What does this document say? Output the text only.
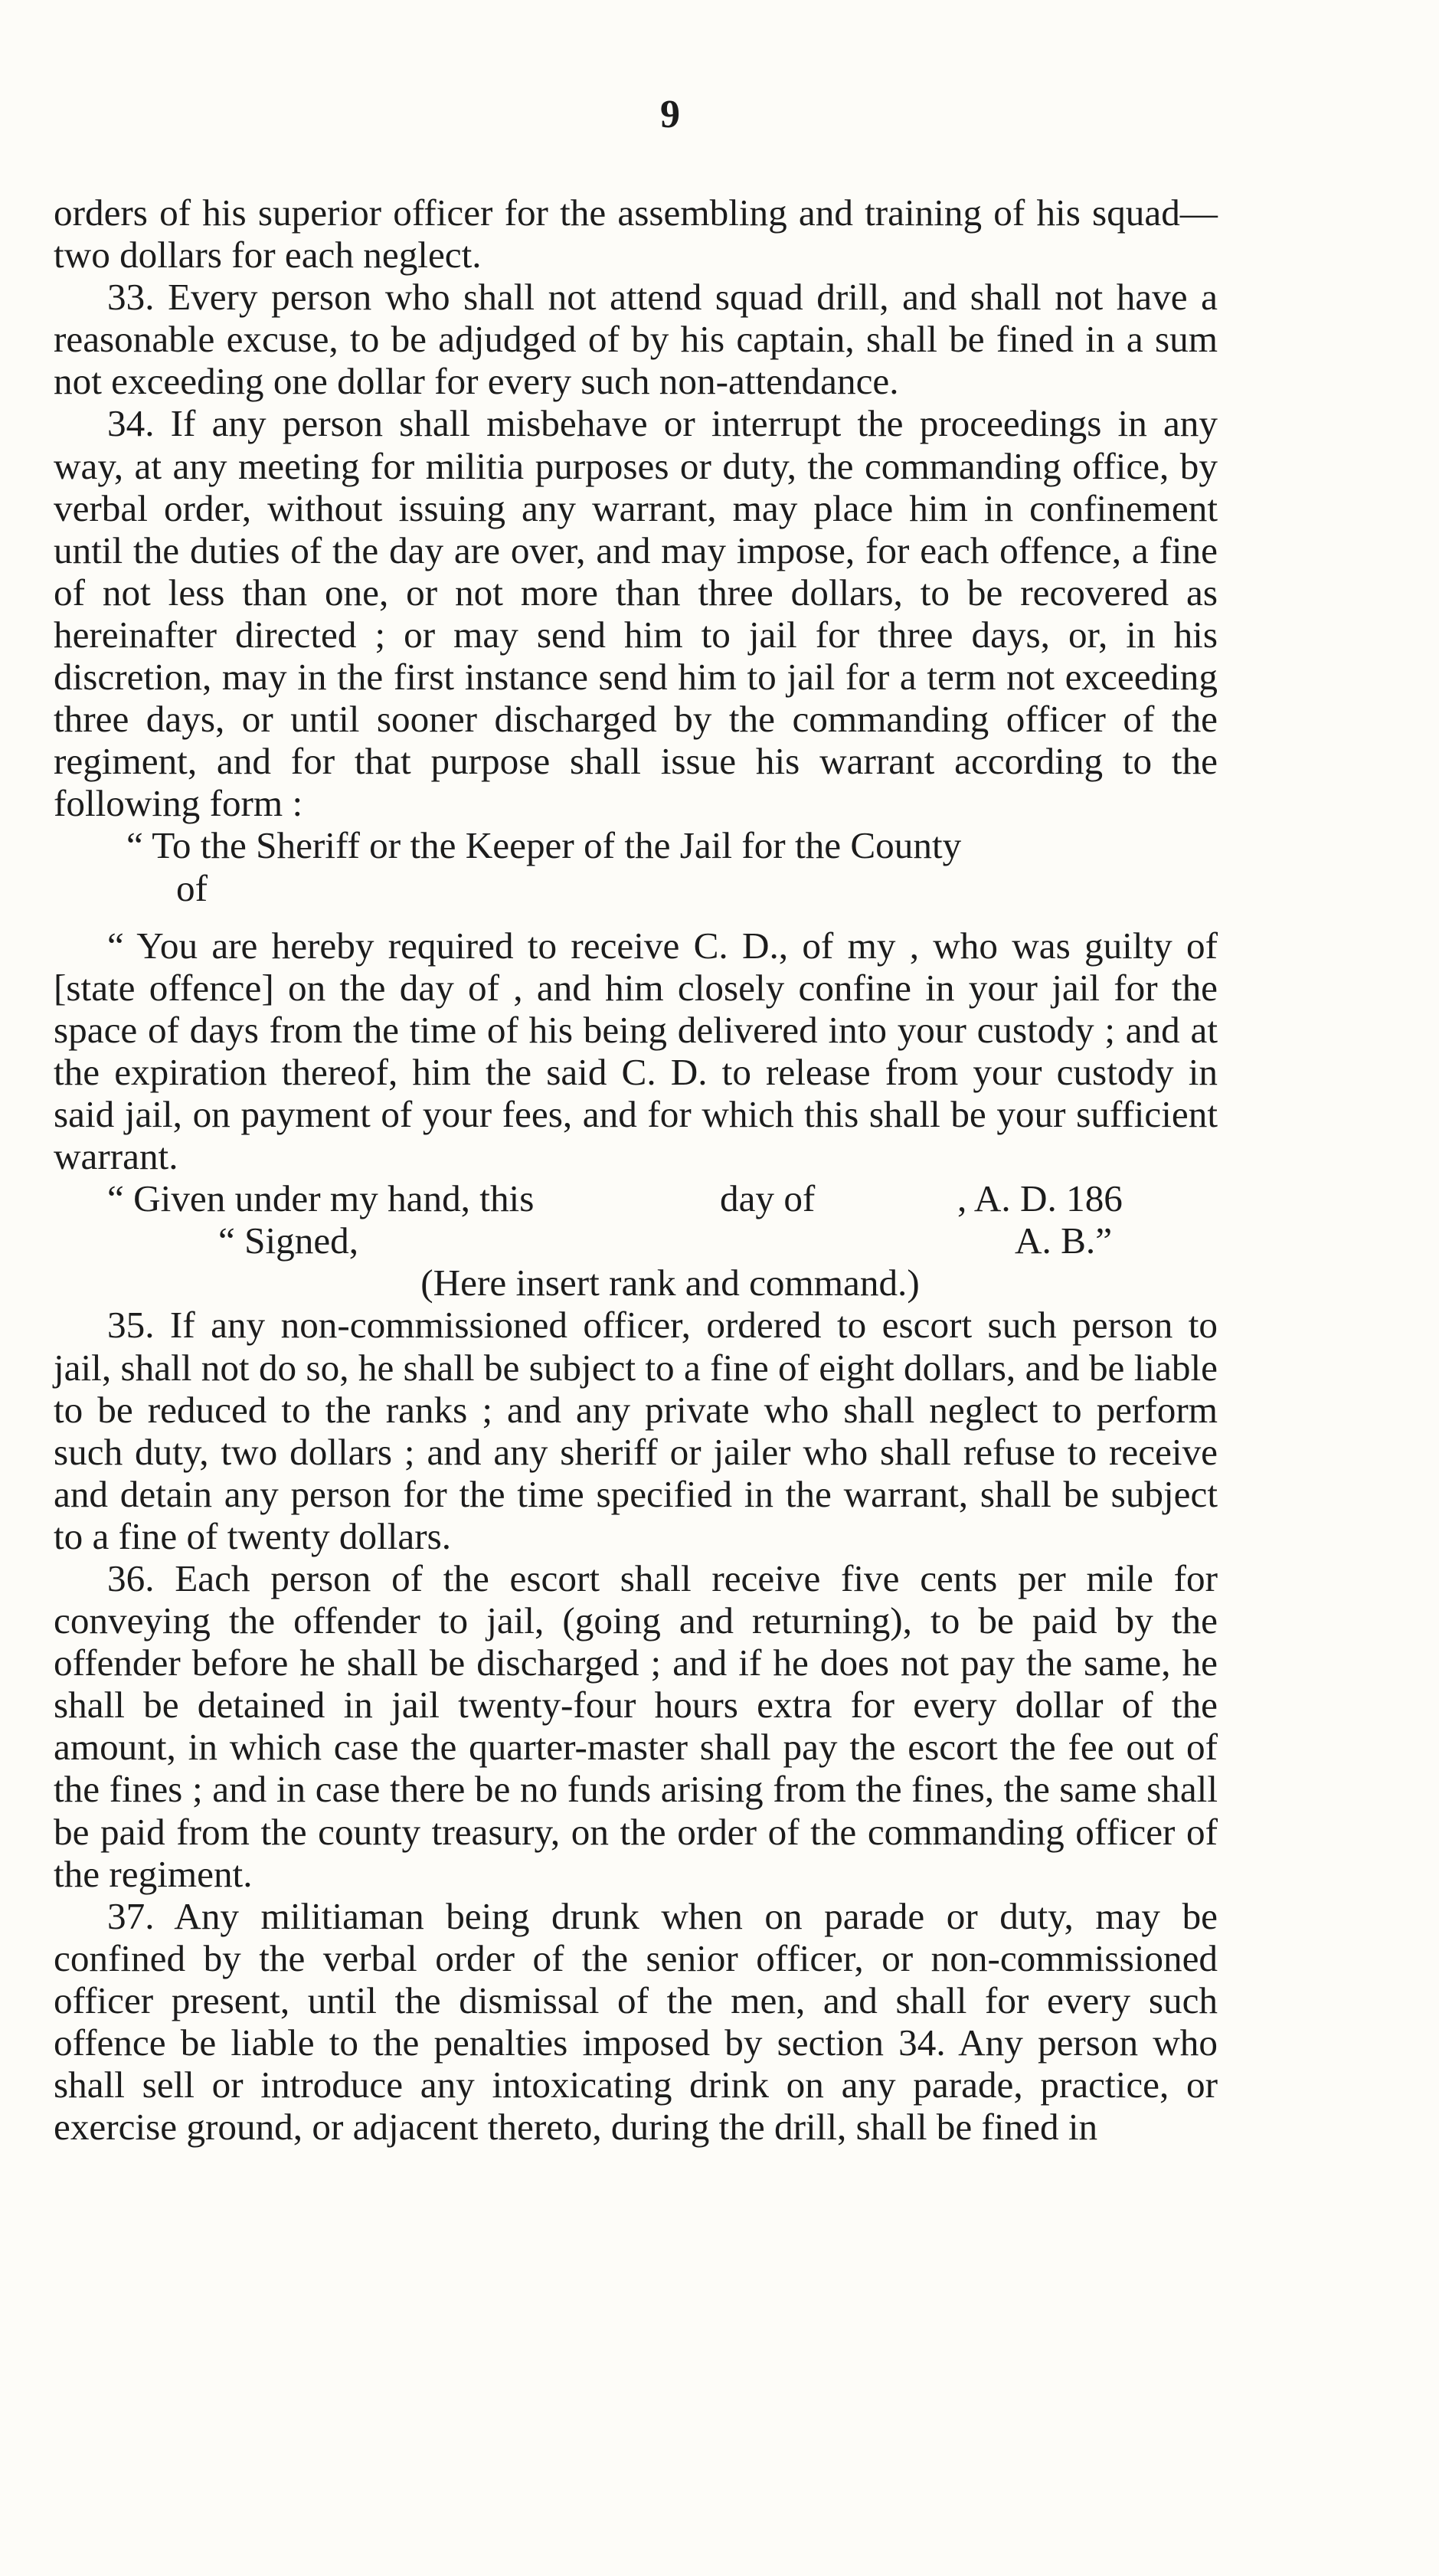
9

orders of his superior officer for the assembling and training of his squad—two dollars for each neglect.

33. Every person who shall not attend squad drill, and shall not have a reasonable excuse, to be adjudged of by his captain, shall be fined in a sum not exceeding one dollar for every such non-attendance.

34. If any person shall misbehave or interrupt the proceedings in any way, at any meeting for militia purposes or duty, the commanding office, by verbal order, without issuing any warrant, may place him in confinement until the duties of the day are over, and may impose, for each offence, a fine of not less than one, or not more than three dollars, to be recovered as hereinafter directed ; or may send him to jail for three days, or, in his discretion, may in the first instance send him to jail for a term not exceeding three days, or until sooner discharged by the commanding officer of the regiment, and for that purpose shall issue his warrant according to the following form :

“ To the Sheriff or the Keeper of the Jail for the County

of

“ You are hereby required to receive C. D., of my , who was guilty of [state offence] on the day of , and him closely confine in your jail for the space of days from the time of his being delivered into your custody ; and at the expiration thereof, him the said C. D. to release from your custody in said jail, on payment of your fees, and for which this shall be your sufficient warrant.

“ Given under my hand, this	day of	, A. D. 186
“ Signed,	A. B.”

(Here insert rank and command.)

35. If any non-commissioned officer, ordered to escort such person to jail, shall not do so, he shall be subject to a fine of eight dollars, and be liable to be reduced to the ranks ; and any private who shall neglect to perform such duty, two dollars ; and any sheriff or jailer who shall refuse to receive and detain any person for the time specified in the warrant, shall be subject to a fine of twenty dollars.

36. Each person of the escort shall receive five cents per mile for conveying the offender to jail, (going and returning), to be paid by the offender before he shall be discharged ; and if he does not pay the same, he shall be detained in jail twenty-four hours extra for every dollar of the amount, in which case the quarter-master shall pay the escort the fee out of the fines ; and in case there be no funds arising from the fines, the same shall be paid from the county treasury, on the order of the commanding officer of the regiment.

37. Any militiaman being drunk when on parade or duty, may be confined by the verbal order of the senior officer, or non-commissioned officer present, until the dismissal of the men, and shall for every such offence be liable to the penalties imposed by section 34. Any person who shall sell or introduce any intoxicating drink on any parade, practice, or exercise ground, or adjacent thereto, during the drill, shall be fined in
